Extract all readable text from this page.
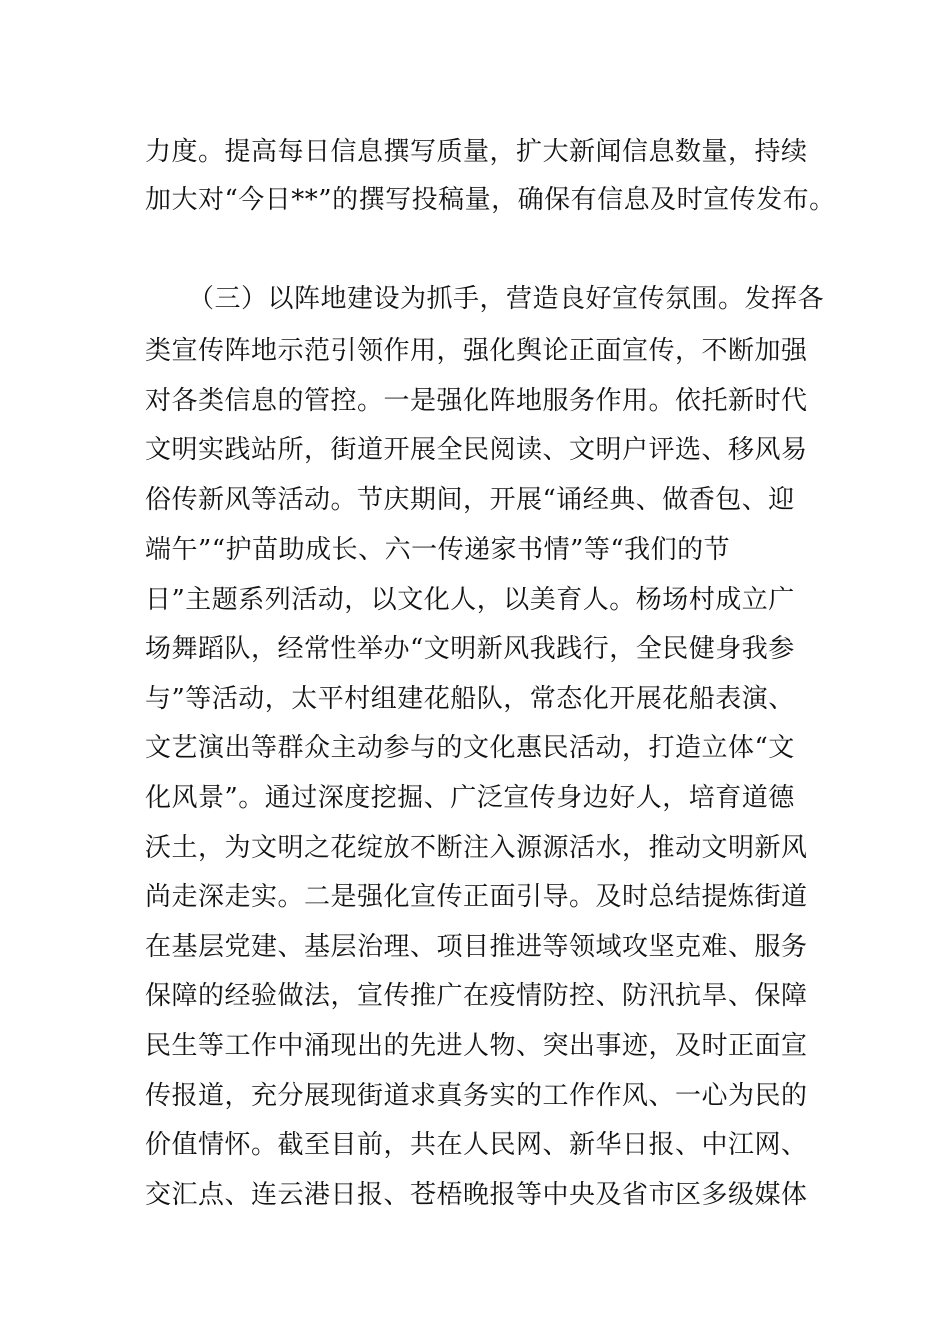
力度。提高每日信息撰写质量，扩大新闻信息数量，持续
加大对“今日**”的撰写投稿量，确保有信息及时宣传发布。
（三）以阵地建设为抓手，营造良好宣传氛围。发挥各
类宣传阵地示范引领作用，强化舆论正面宣传，不断加强
对各类信息的管控。一是强化阵地服务作用。依托新时代
文明实践站所，街道开展全民阅读、文明户评选、移风易
俗传新风等活动。节庆期间，开展“诵经典、做香包、迎
端午”“护苗助成长、六一传递家书情”等“我们的节
日”主题系列活动，以文化人，以美育人。杨场村成立广
场舞蹈队，经常性举办“文明新风我践行，全民健身我参
与”等活动，太平村组建花船队，常态化开展花船表演、
文艺演出等群众主动参与的文化惠民活动，打造立体“文
化风景”。通过深度挖掘、广泛宣传身边好人，培育道德
沃土，为文明之花绽放不断注入源源活水，推动文明新风
尚走深走实。二是强化宣传正面引导。及时总结提炼街道
在基层党建、基层治理、项目推进等领域攻坚克难、服务
保障的经验做法，宣传推广在疫情防控、防汛抗旱、保障
民生等工作中涌现出的先进人物、突出事迹，及时正面宣
传报道，充分展现街道求真务实的工作作风、一心为民的
价值情怀。截至目前，共在人民网、新华日报、中江网、
交汇点、连云港日报、苍梧晚报等中央及省市区多级媒体
